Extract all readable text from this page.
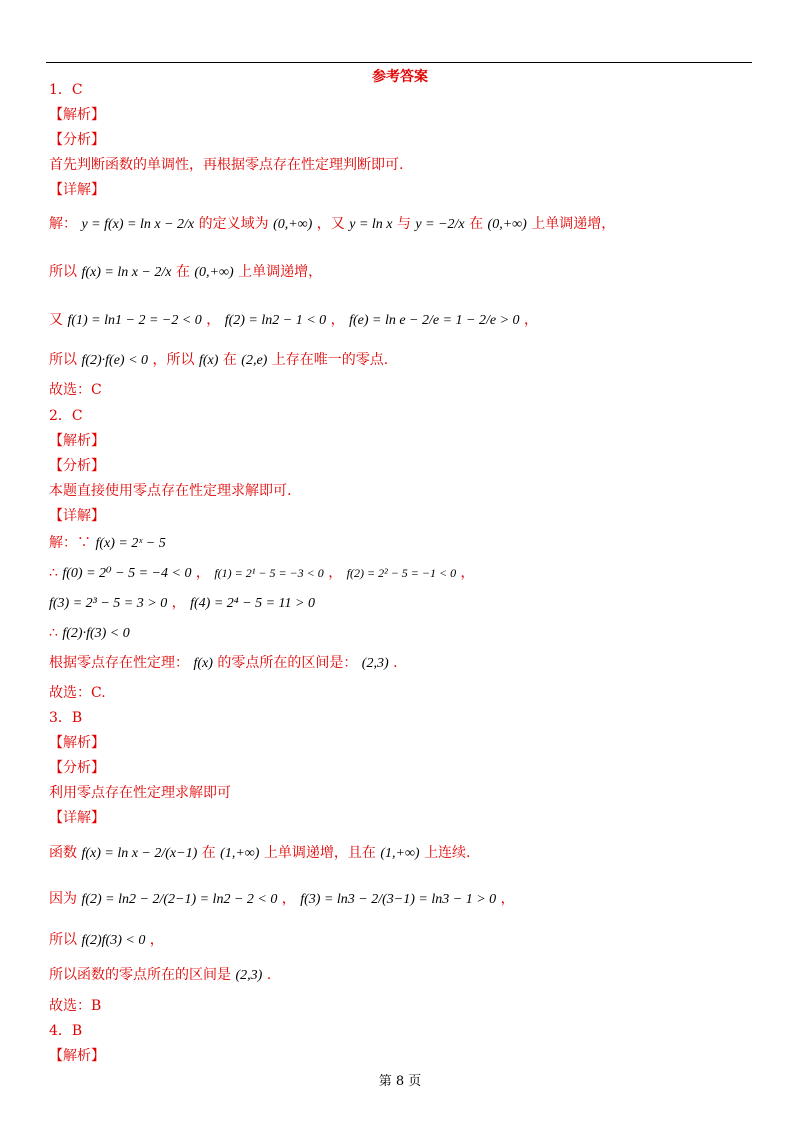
参考答案
1．C
【解析】
【分析】
首先判断函数的单调性，再根据零点存在性定理判断即可.
【详解】
解： y = f(x) = ln x − 2/x 的定义域为 (0,+∞) ，又 y = ln x 与 y = −2/x 在 (0,+∞) 上单调递增，
所以 f(x) = ln x − 2/x 在 (0,+∞) 上单调递增，
又 f(1) = ln1 − 2 = −2 < 0 ， f(2) = ln2 − 1 < 0 ， f(e) = ln e − 2/e = 1 − 2/e > 0 ，
所以 f(2)·f(e) < 0 ，所以 f(x) 在 (2,e) 上存在唯一的零点.
故选：C
2．C
【解析】
【分析】
本题直接使用零点存在性定理求解即可.
【详解】
解：∵ f(x) = 2ˣ − 5
∴ f(0) = 2⁰ − 5 = −4 < 0 ， f(1) = 2¹ − 5 = −3 < 0 ， f(2) = 2² − 5 = −1 < 0 ，
f(3) = 2³ − 5 = 3 > 0 ， f(4) = 2⁴ − 5 = 11 > 0
∴ f(2)·f(3) < 0
根据零点存在性定理： f(x) 的零点所在的区间是： (2,3) .
故选：C.
3．B
【解析】
【分析】
利用零点存在性定理求解即可
【详解】
函数 f(x) = ln x − 2/(x−1) 在 (1,+∞) 上单调递增，且在 (1,+∞) 上连续.
因为 f(2) = ln2 − 2/(2−1) = ln2 − 2 < 0 ， f(3) = ln3 − 2/(3−1) = ln3 − 1 > 0 ，
所以 f(2)f(3) < 0 ，
所以函数的零点所在的区间是 (2,3) .
故选：B
4．B
【解析】
第 8 页
